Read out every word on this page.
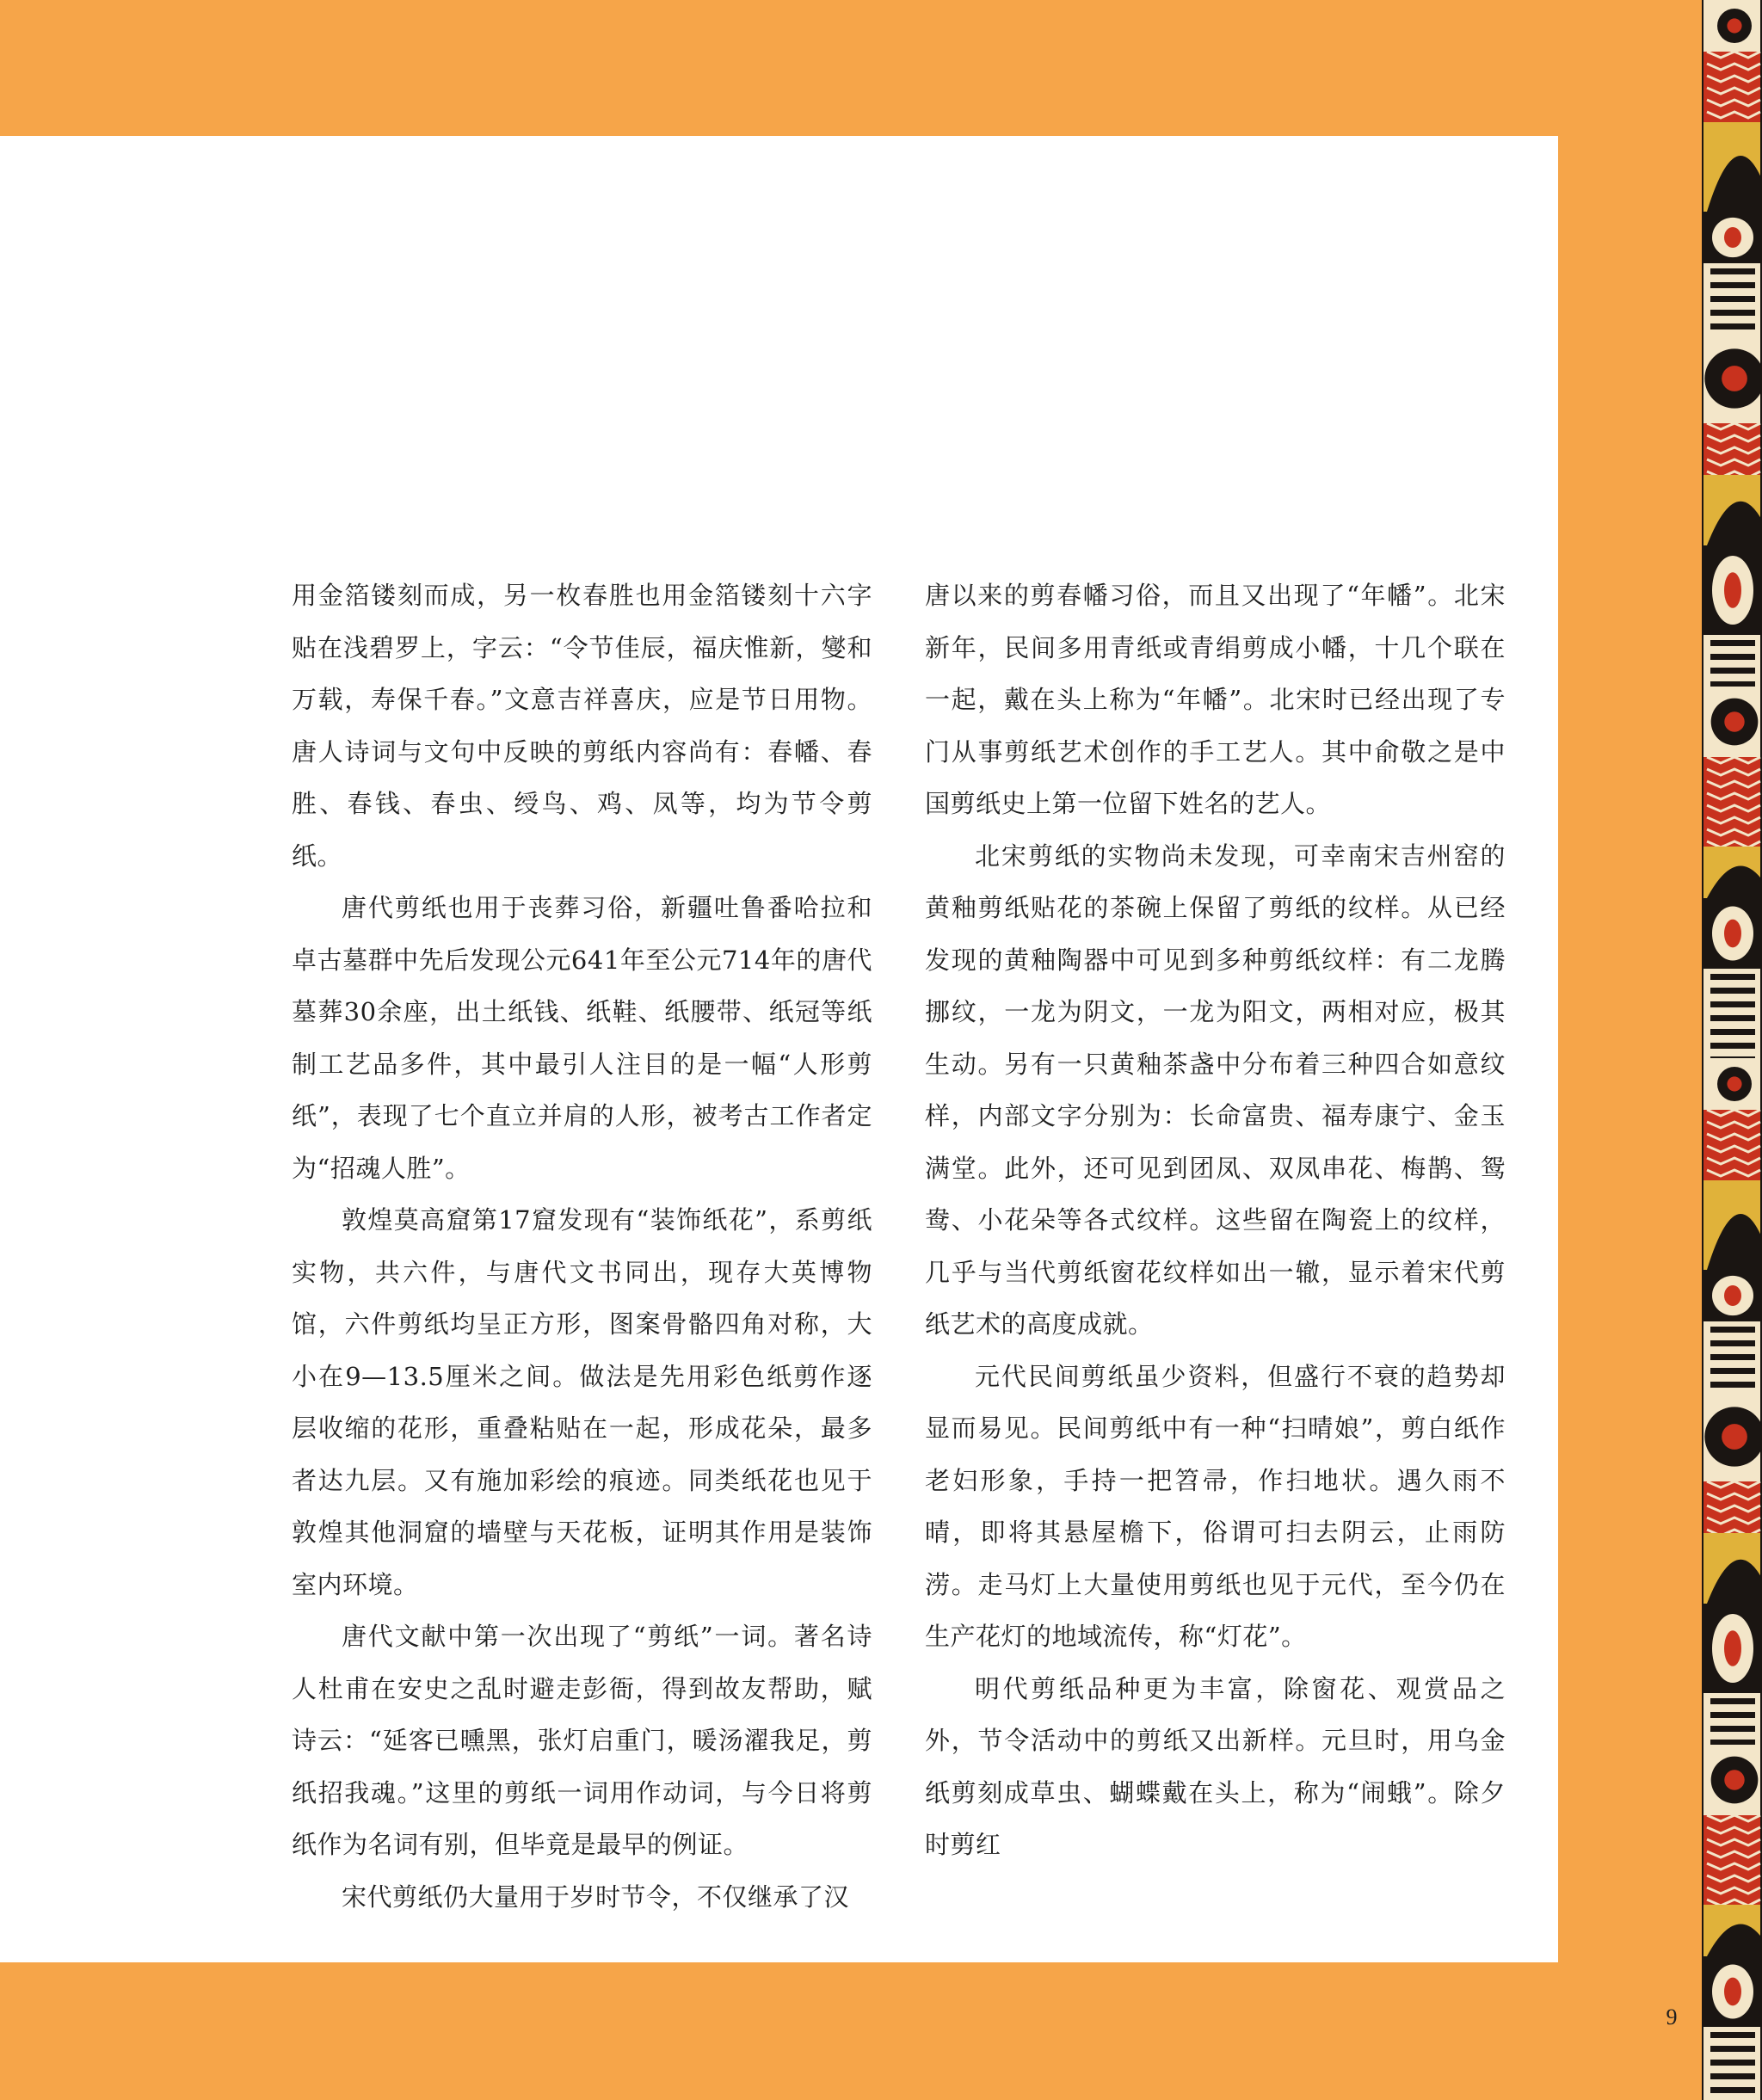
用金箔镂刻而成，另一枚春胜也用金箔镂刻十六字贴在浅碧罗上，字云：“令节佳辰，福庆惟新，燮和万载，寿保千春。”文意吉祥喜庆，应是节日用物。唐人诗词与文句中反映的剪纸内容尚有：春幡、春胜、春钱、春虫、绶鸟、鸡、凤等，均为节令剪纸。

唐代剪纸也用于丧葬习俗，新疆吐鲁番哈拉和卓古墓群中先后发现公元641年至公元714年的唐代墓葬30余座，出土纸钱、纸鞋、纸腰带、纸冠等纸制工艺品多件，其中最引人注目的是一幅“人形剪纸”，表现了七个直立并肩的人形，被考古工作者定为“招魂人胜”。

敦煌莫高窟第17窟发现有“装饰纸花”，系剪纸实物，共六件，与唐代文书同出，现存大英博物馆，六件剪纸均呈正方形，图案骨骼四角对称，大小在9—13.5厘米之间。做法是先用彩色纸剪作逐层收缩的花形，重叠粘贴在一起，形成花朵，最多者达九层。又有施加彩绘的痕迹。同类纸花也见于敦煌其他洞窟的墙壁与天花板，证明其作用是装饰室内环境。

唐代文献中第一次出现了“剪纸”一词。著名诗人杜甫在安史之乱时避走彭衙，得到故友帮助，赋诗云：“延客已曛黑，张灯启重门，暖汤濯我足，剪纸招我魂。”这里的剪纸一词用作动词，与今日将剪纸作为名词有别，但毕竟是最早的例证。

宋代剪纸仍大量用于岁时节令，不仅继承了汉

唐以来的剪春幡习俗，而且又出现了“年幡”。北宋新年，民间多用青纸或青绢剪成小幡，十几个联在一起，戴在头上称为“年幡”。北宋时已经出现了专门从事剪纸艺术创作的手工艺人。其中俞敬之是中国剪纸史上第一位留下姓名的艺人。

北宋剪纸的实物尚未发现，可幸南宋吉州窑的黄釉剪纸贴花的茶碗上保留了剪纸的纹样。从已经发现的黄釉陶器中可见到多种剪纸纹样：有二龙腾挪纹，一龙为阴文，一龙为阳文，两相对应，极其生动。另有一只黄釉茶盏中分布着三种四合如意纹样，内部文字分别为：长命富贵、福寿康宁、金玉满堂。此外，还可见到团凤、双凤串花、梅鹊、鸳鸯、小花朵等各式纹样。这些留在陶瓷上的纹样，几乎与当代剪纸窗花纹样如出一辙，显示着宋代剪纸艺术的高度成就。

元代民间剪纸虽少资料，但盛行不衰的趋势却显而易见。民间剪纸中有一种“扫晴娘”，剪白纸作老妇形象，手持一把笤帚，作扫地状。遇久雨不晴，即将其悬屋檐下，俗谓可扫去阴云，止雨防涝。走马灯上大量使用剪纸也见于元代，至今仍在生产花灯的地域流传，称“灯花”。

明代剪纸品种更为丰富，除窗花、观赏品之外，节令活动中的剪纸又出新样。元旦时，用乌金纸剪刻成草虫、蝴蝶戴在头上，称为“闹蛾”。除夕时剪红

9
